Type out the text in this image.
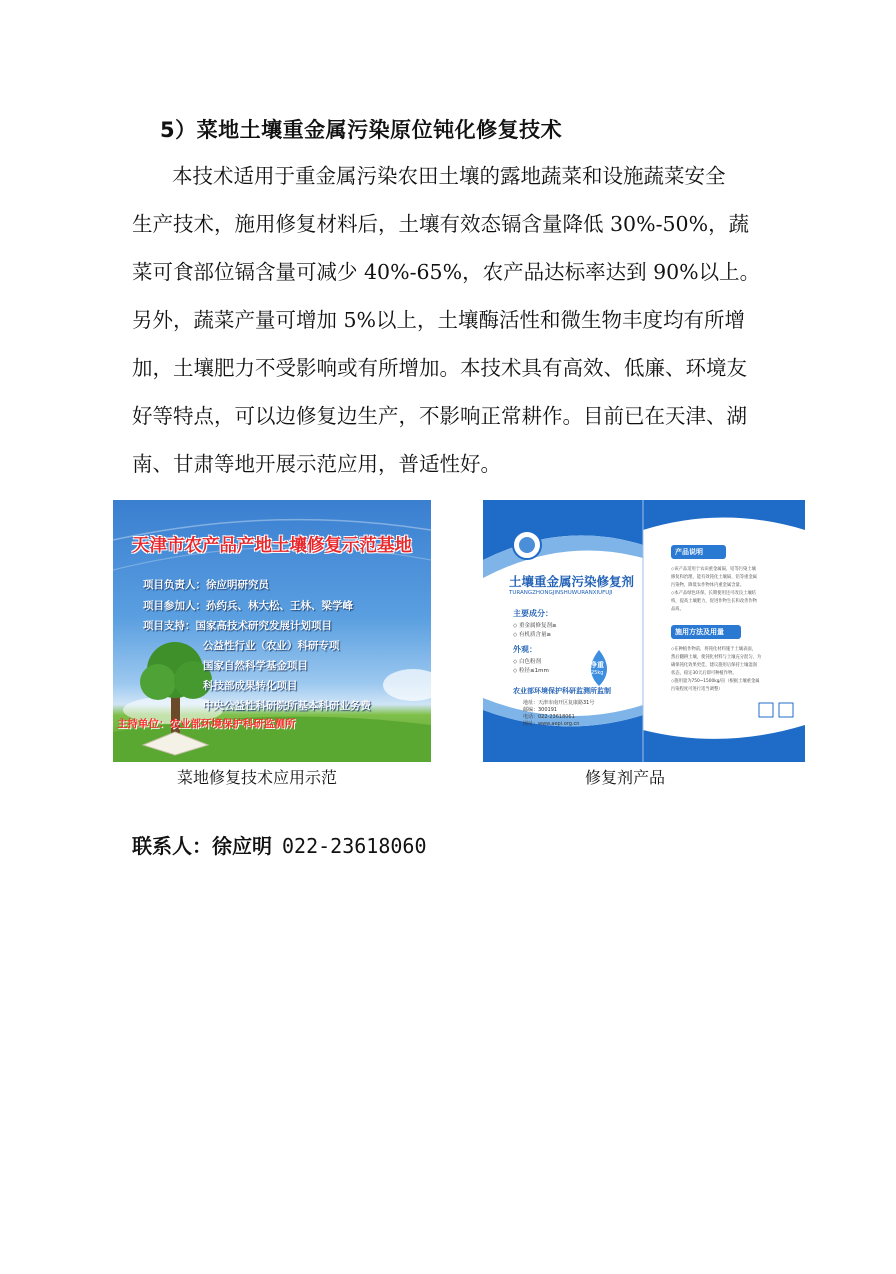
5）菜地土壤重金属污染原位钝化修复技术
本技术适用于重金属污染农田土壤的露地蔬菜和设施蔬菜安全
生产技术，施用修复材料后，土壤有效态镉含量降低 30%-50%，蔬
菜可食部位镉含量可减少 40%-65%，农产品达标率达到 90%以上。
另外，蔬菜产量可增加 5%以上，土壤酶活性和微生物丰度均有所增
加，土壤肥力不受影响或有所增加。本技术具有高效、低廉、环境友
好等特点，可以边修复边生产，不影响正常耕作。目前已在天津、湖
南、甘肃等地开展示范应用，普适性好。
天津市农产品产地土壤修复示范基地
项目负责人：徐应明研究员
项目参加人：孙约兵、林大松、王林、梁学峰
项目支持：国家高技术研究发展计划项目
公益性行业（农业）科研专项
国家自然科学基金项目
科技部成果转化项目
中央公益性科研院所基本科研业务费
主持单位：农业部环境保护科研监测所
菜地修复技术应用示范
土壤重金属污染修复剂
TURANGZHONGJINSHUWURANXIUFUJI
主要成分：
◇ 重金属修复剂≥
◇ 有机质含量≥
外观：
◇ 白色粉剂
◇ 粒径≤1mm
净重
25kg
农业部环境保护科研监测所监制
地址：天津市南开区复康路31号
邮编：300191
电话：022-23618061
网址：www.aepi.org.cn
产品说明
◇该产品适用于农田重金属镉、铅等污染土壤
修复和治理，能有效钝化土壤镉、铅等重金属
污染物，降低农作物体内重金属含量。
◇本产品绿色环保，长期使用还可改良土壤结
构，提高土壤肥力，促进作物生长和改善作物
品质。
施用方法及用量
◇在种植作物前，将钝化材料施于土壤表面，
然后翻耕土壤，使钝化材料与土壤充分混匀，为
确保钝化效果更佳，建议施用后保持土壤湿润
状态，稳定30天后即可种植作物。
◇施用量为750~1500kg/亩（根据土壤重金属
污染程度可进行适当调整）
修复剂产品
联系人：徐应明 022-23618060
